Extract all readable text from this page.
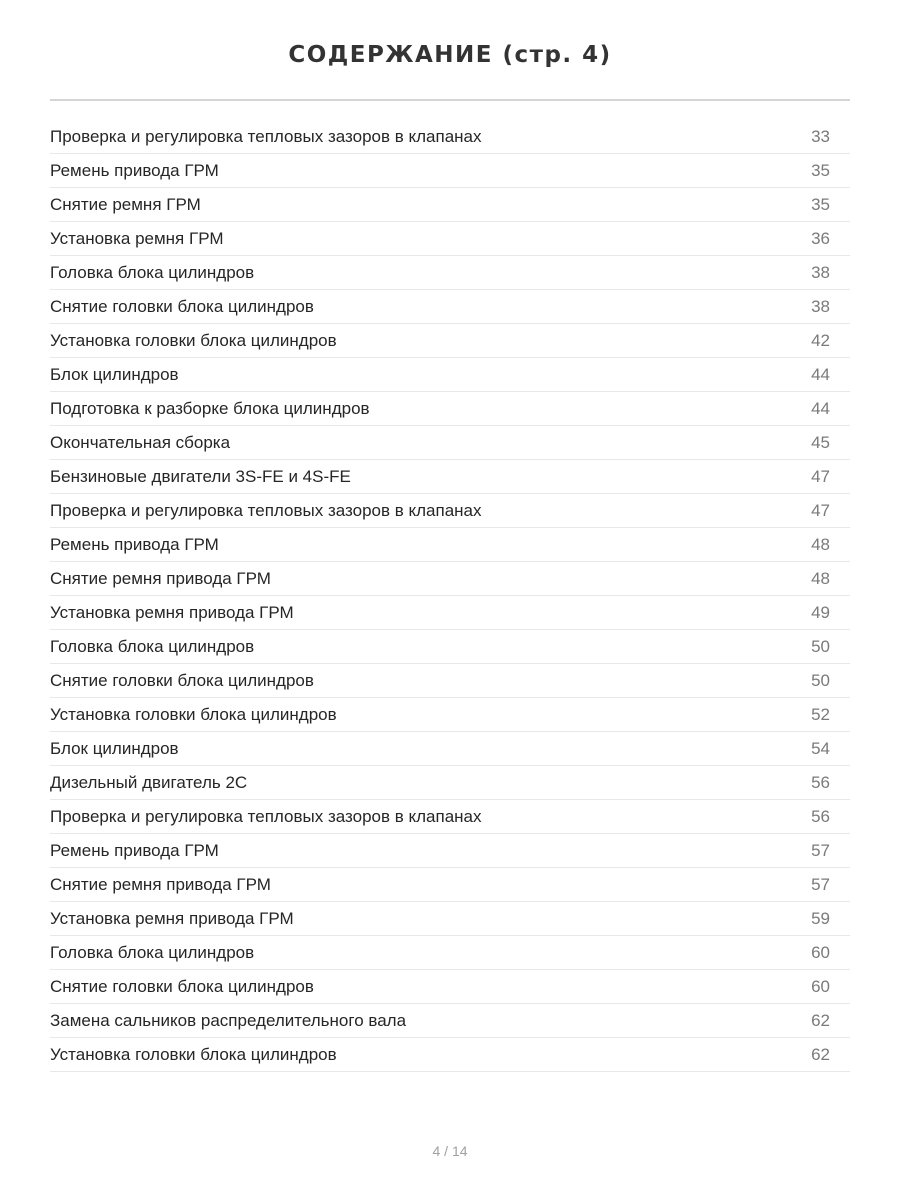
СОДЕРЖАНИЕ (стр. 4)
Проверка и регулировка тепловых зазоров в клапанах	33
Ремень привода ГРМ	35
Снятие ремня ГРМ	35
Установка ремня ГРМ	36
Головка блока цилиндров	38
Снятие головки блока цилиндров	38
Установка головки блока цилиндров	42
Блок цилиндров	44
Подготовка к разборке блока цилиндров	44
Окончательная сборка	45
Бензиновые двигатели 3S-FE и 4S-FE	47
Проверка и регулировка тепловых зазоров в клапанах	47
Ремень привода ГРМ	48
Снятие ремня привода ГРМ	48
Установка ремня привода ГРМ	49
Головка блока цилиндров	50
Снятие головки блока цилиндров	50
Установка головки блока цилиндров	52
Блок цилиндров	54
Дизельный двигатель 2С	56
Проверка и регулировка тепловых зазоров в клапанах	56
Ремень привода ГРМ	57
Снятие ремня привода ГРМ	57
Установка ремня привода ГРМ	59
Головка блока цилиндров	60
Снятие головки блока цилиндров	60
Замена сальников распределительного вала	62
Установка головки блока цилиндров	62
4 / 14
